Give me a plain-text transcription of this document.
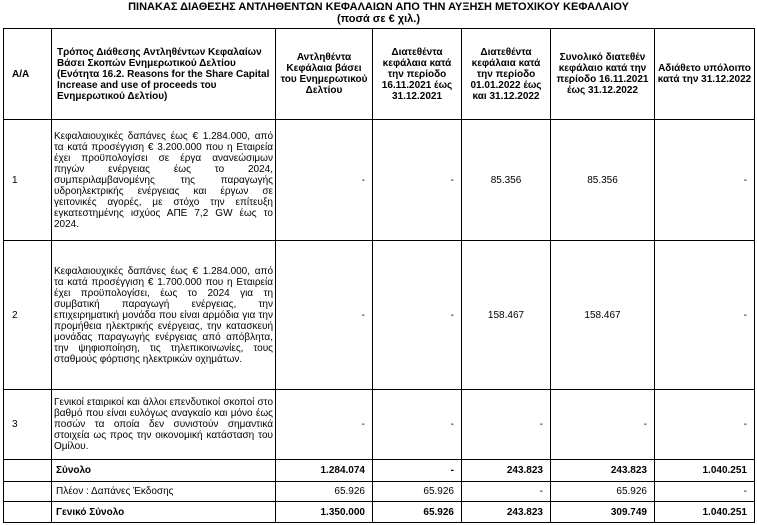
ΠΙΝΑΚΑΣ ΔΙΑΘΕΣΗΣ ΑΝΤΛΗΘΕΝΤΩΝ ΚΕΦΑΛΑΙΩΝ ΑΠΟ ΤΗΝ ΑΥΞΗΣΗ ΜΕΤΟΧΙΚΟΥ ΚΕΦΑΛΑΙΟΥ
(ποσά σε € χιλ.)
Α/Α	Τρόπος Διάθεσης Αντληθέντων Κεφαλαίων Βάσει Σκοπών Ενημερωτικού Δελτίου (Ενότητα 16.2. Reasons for the Share Capital Increase and use of proceeds του Ενημερωτικού Δελτίου)	Αντληθέντα Κεφάλαια βάσει του Ενημερωτικού Δελτίου	Διατεθέντα κεφάλαια κατά την περίοδο 16.11.2021 έως 31.12.2021	Διατεθέντα κεφάλαια κατά την περίοδο 01.01.2022 έως και 31.12.2022	Συνολικό διατεθέν κεφάλαιο κατά την περίοδο 16.11.2021 έως 31.12.2022	Αδιάθετο υπόλοιπο κατά την 31.12.2022
1	Κεφαλαιουχικές δαπάνες έως € 1.284.000, από τα κατά προσέγγιση € 3.200.000 που η Εταιρεία έχει προϋπολογίσει σε έργα ανανεώσιμων πηγών ενέργειας έως το 2024, συμπεριλαμβανομένης της παραγωγής υδροηλεκτρικής ενέργειας και έργων σε γειτονικές αγορές, με στόχο την επίτευξη εγκατεστημένης ισχύος ΑΠΕ 7,2 GW έως το 2024.	-	-	85.356	85.356	-
2	Κεφαλαιουχικές δαπάνες έως € 1.284.000, από τα κατά προσέγγιση € 1.700.000 που η Εταιρεία έχει προϋπολογίσει, έως το 2024 για τη συμβατική παραγωγή ενέργειας, την επιχειρηματική μονάδα που είναι αρμόδια για την προμήθεια ηλεκτρικής ενέργειας, την κατασκευή μονάδας παραγωγής ενέργειας από απόβλητα, την ψηφιοποίηση, τις τηλεπικοινωνίες, τους σταθμούς φόρτισης ηλεκτρικών οχημάτων.	-	-	158.467	158.467	-
3	Γενικοί εταιρικοί και άλλοι επενδυτικοί σκοποί στο βαθμό που είναι ευλόγως αναγκαίο και μόνο έως ποσών τα οποία δεν συνιστούν σημαντικά στοιχεία ως προς την οικονομική κατάσταση του Ομίλου.	-	-	-	-	-
	Σύνολο	1.284.074	-	243.823	243.823	1.040.251
	Πλέον : Δαπάνες Έκδοσης	65.926	65.926	-	65.926	-
	Γενικό Σύνολο	1.350.000	65.926	243.823	309.749	1.040.251
